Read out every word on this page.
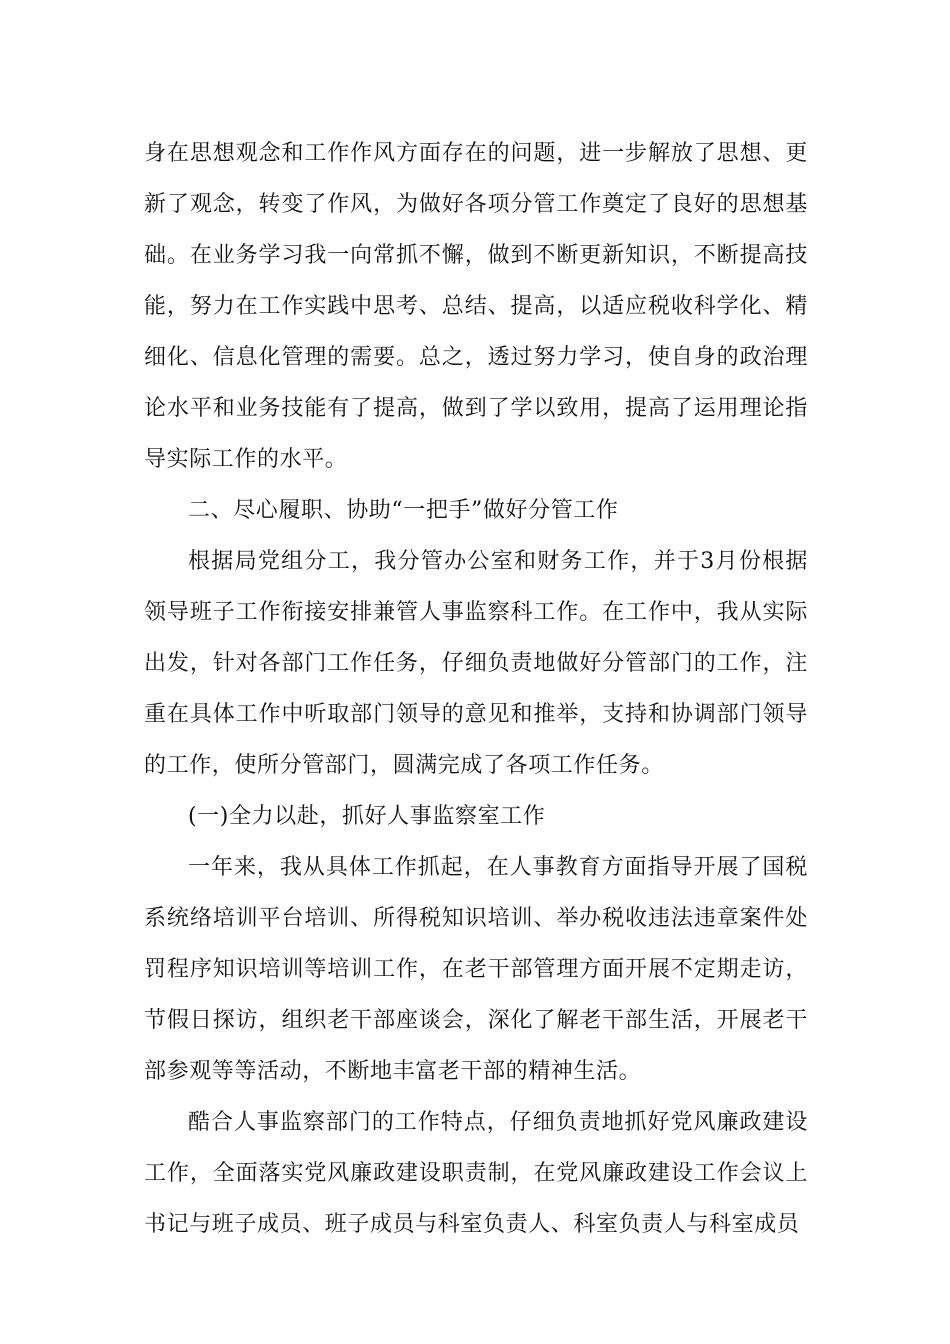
身在思想观念和工作作风方面存在的问题，进一步解放了思想、更新了观念，转变了作风，为做好各项分管工作奠定了良好的思想基础。在业务学习我一向常抓不懈，做到不断更新知识，不断提高技能，努力在工作实践中思考、总结、提高，以适应税收科学化、精细化、信息化管理的需要。总之，透过努力学习，使自身的政治理论水平和业务技能有了提高，做到了学以致用，提高了运用理论指导实际工作的水平。

二、尽心履职、协助“一把手”做好分管工作

根据局党组分工，我分管办公室和财务工作，并于3月份根据领导班子工作衔接安排兼管人事监察科工作。在工作中，我从实际出发，针对各部门工作任务，仔细负责地做好分管部门的工作，注重在具体工作中听取部门领导的意见和推举，支持和协调部门领导的工作，使所分管部门，圆满完成了各项工作任务。

(一)全力以赴，抓好人事监察室工作

一年来，我从具体工作抓起，在人事教育方面指导开展了国税系统络培训平台培训、所得税知识培训、举办税收违法违章案件处罚程序知识培训等培训工作，在老干部管理方面开展不定期走访，节假日探访，组织老干部座谈会，深化了解老干部生活，开展老干部参观等等活动，不断地丰富老干部的精神生活。

酷合人事监察部门的工作特点，仔细负责地抓好党风廉政建设工作，全面落实党风廉政建设职责制，在党风廉政建设工作会议上书记与班子成员、班子成员与科室负责人、科室负责人与科室成员
